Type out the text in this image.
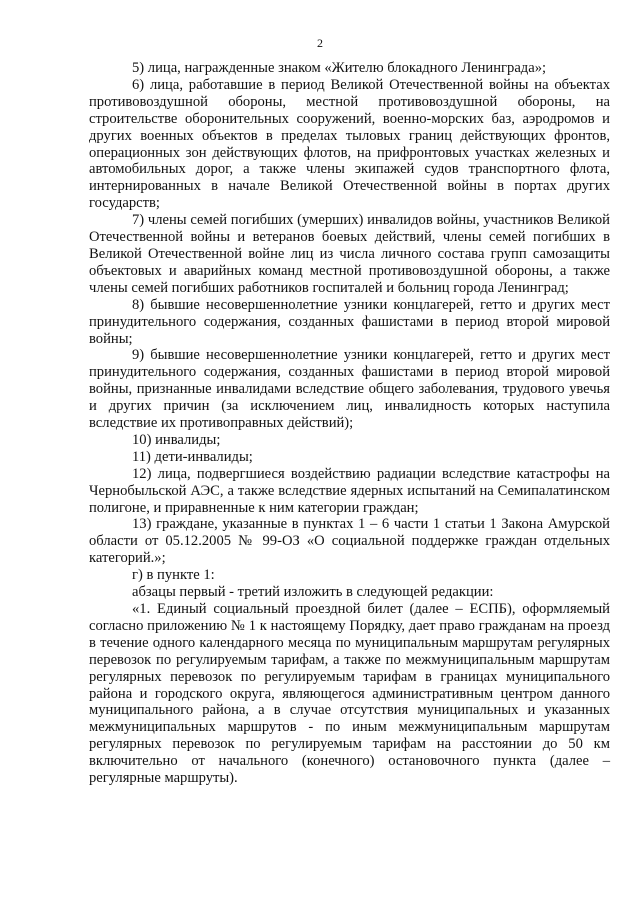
2

5) лица, награжденные знаком «Жителю блокадного Ленинграда»;

6) лица, работавшие в период Великой Отечественной войны на объектах противовоздушной обороны, местной противовоздушной обороны, на строительстве оборонительных сооружений, военно-морских баз, аэродромов и других военных объектов в пределах тыловых границ действующих фронтов, операционных зон действующих флотов, на прифронтовых участках железных и автомобильных дорог, а также члены экипажей судов транспортного флота, интернированных в начале Великой Отечественной войны в портах других государств;

7) члены семей погибших (умерших) инвалидов войны, участников Великой Отечественной войны и ветеранов боевых действий, члены семей погибших в Великой Отечественной войне лиц из числа личного состава групп самозащиты объектовых и аварийных команд местной противовоздушной обороны, а также члены семей погибших работников госпиталей и больниц города Ленинград;

8) бывшие несовершеннолетние узники концлагерей, гетто и других мест принудительного содержания, созданных фашистами в период второй мировой войны;

9) бывшие несовершеннолетние узники концлагерей, гетто и других мест принудительного содержания, созданных фашистами в период второй мировой войны, признанные инвалидами вследствие общего заболевания, трудового увечья и других причин (за исключением лиц, инвалидность которых наступила вследствие их противоправных действий);

10) инвалиды;

11) дети-инвалиды;

12) лица, подвергшиеся воздействию радиации вследствие катастрофы на Чернобыльской АЭС, а также вследствие ядерных испытаний на Семипалатинском полигоне, и приравненные к ним категории граждан;

13) граждане, указанные в пунктах 1 – 6 части 1 статьи 1 Закона Амурской области от 05.12.2005 № 99-ОЗ «О социальной поддержке граждан отдельных категорий.»;

г) в пункте 1:

абзацы первый - третий изложить в следующей редакции:

«1. Единый социальный проездной билет (далее – ЕСПБ), оформляемый согласно приложению № 1 к настоящему Порядку, дает право гражданам на проезд в течение одного календарного месяца по муниципальным маршрутам регулярных перевозок по регулируемым тарифам, а также по межмуниципальным маршрутам регулярных перевозок по регулируемым тарифам в границах муниципального района и городского округа, являющегося административным центром данного муниципального района, а в случае отсутствия муниципальных и указанных межмуниципальных маршрутов - по иным межмуниципальным маршрутам регулярных перевозок по регулируемым тарифам на расстоянии до 50 км включительно от начального (конечного) остановочного пункта (далее – регулярные маршруты).
